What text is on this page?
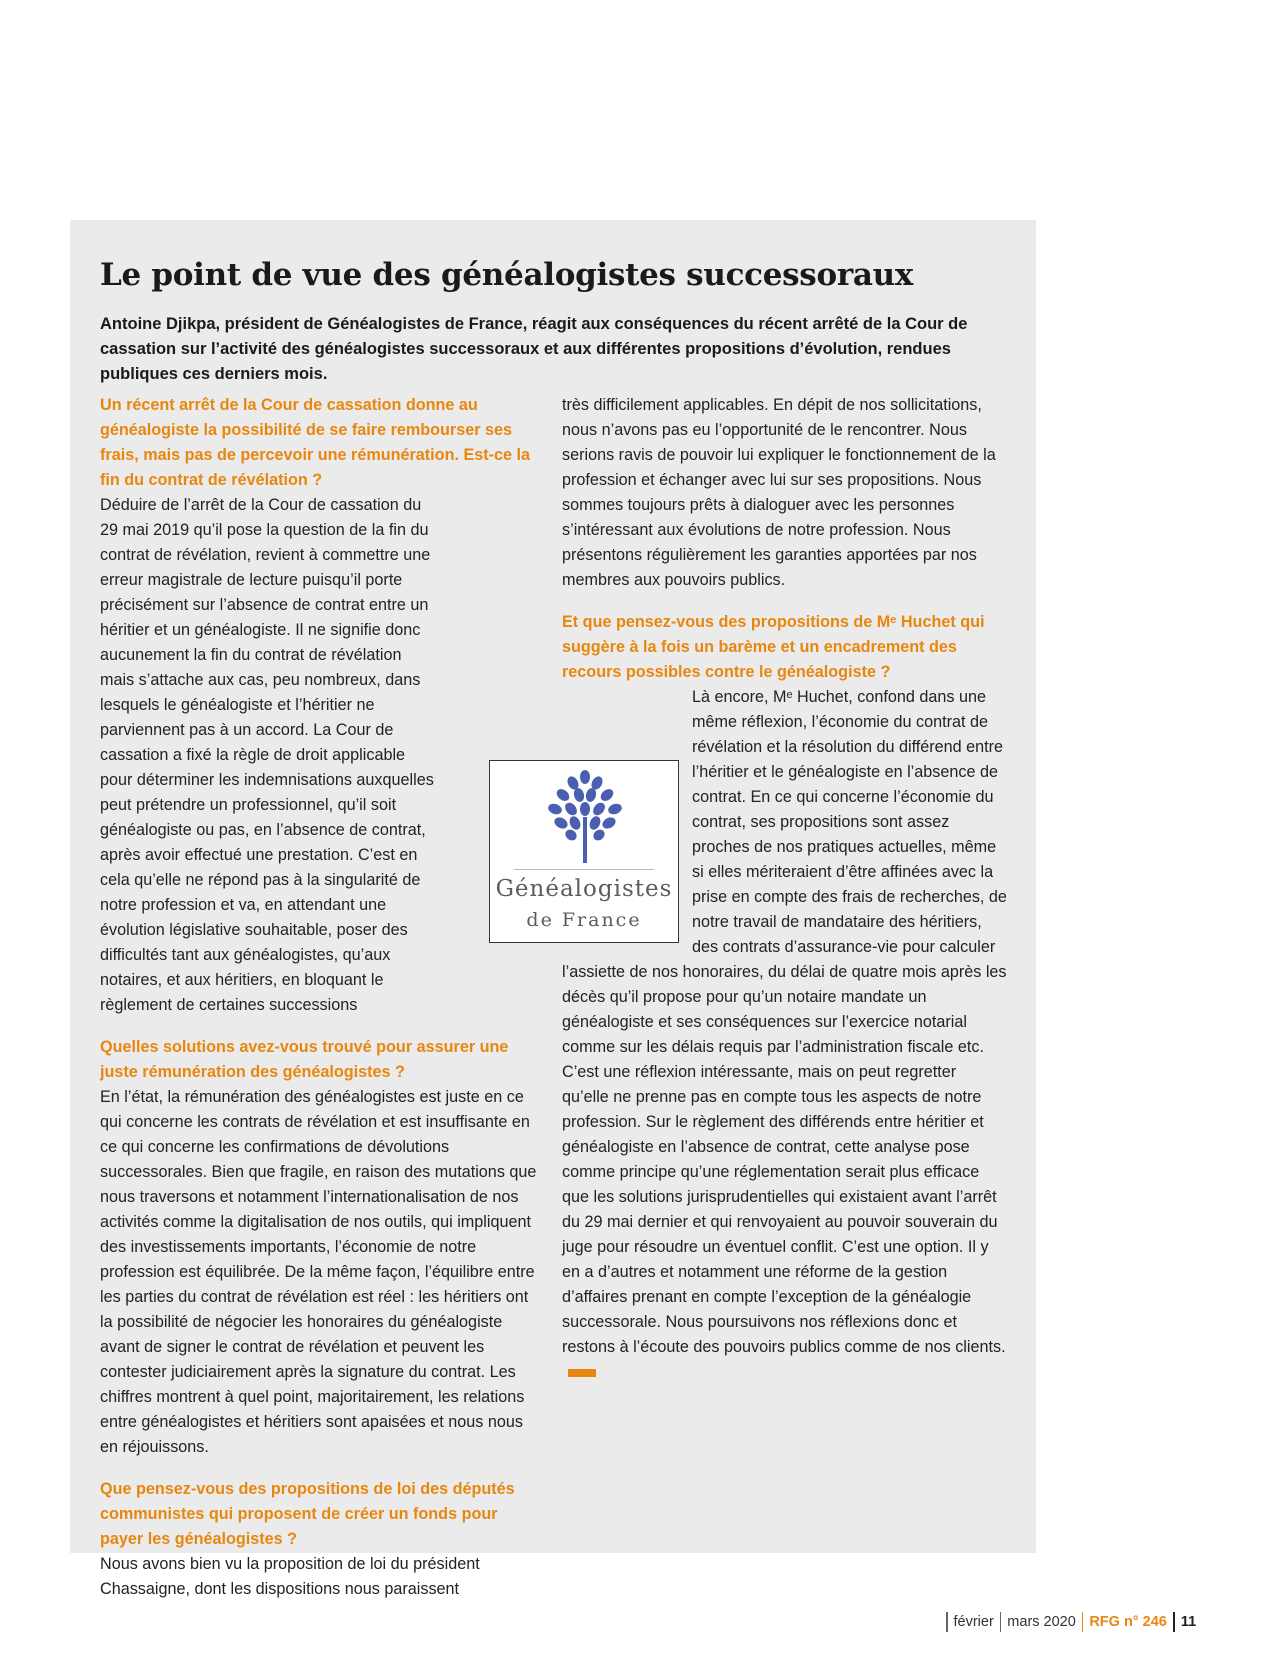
Le point de vue des généalogistes successoraux

Antoine Djikpa, président de Généalogistes de France, réagit aux conséquences du récent arrêté de la Cour de cassation sur l’activité des généalogistes successoraux et aux différentes propositions d’évolution, rendues publiques ces derniers mois.

Un récent arrêt de la Cour de cassation donne au généalogiste la possibilité de se faire rembourser ses frais, mais pas de percevoir une rémunération. Est-ce la fin du contrat de révélation ?

Déduire de l’arrêt de la Cour de cassation du 29 mai 2019 qu’il pose la question de la fin du contrat de révélation, revient à commettre une erreur magistrale de lecture puisqu’il porte précisément sur l’absence de contrat entre un héritier et un généalogiste. Il ne signifie donc aucunement la fin du contrat de révélation mais s’attache aux cas, peu nombreux, dans lesquels le généalogiste et l’héritier ne parviennent pas à un accord. La Cour de cassation a fixé la règle de droit applicable pour déterminer les indemnisations auxquelles peut prétendre un professionnel, qu’il soit généalogiste ou pas, en l’absence de contrat, après avoir effectué une prestation. C’est en cela qu’elle ne répond pas à la singularité de notre profession et va, en attendant une évolution législative souhaitable, poser des difficultés tant aux généalogistes, qu’aux notaires, et aux héritiers, en bloquant le règlement de certaines successions

Quelles solutions avez-vous trouvé pour assurer une juste rémunération des généalogistes ?

En l’état, la rémunération des généalogistes est juste en ce qui concerne les contrats de révélation et est insuffisante en ce qui concerne les confirmations de dévolutions successorales. Bien que fragile, en raison des mutations que nous traversons et notamment l’internationalisation de nos activités comme la digitalisation de nos outils, qui impliquent des investissements importants, l’économie de notre profession est équilibrée. De la même façon, l’équilibre entre les parties du contrat de révélation est réel : les héritiers ont la possibilité de négocier les honoraires du généalogiste avant de signer le contrat de révélation et peuvent les contester judiciairement après la signature du contrat. Les chiffres montrent à quel point, majoritairement, les relations entre généalogistes et héritiers sont apaisées et nous nous en réjouissons.

Que pensez-vous des propositions de loi des députés communistes qui proposent de créer un fonds pour payer les généalogistes ?

Nous avons bien vu la proposition de loi du président Chassaigne, dont les dispositions nous paraissent

très difficilement applicables. En dépit de nos sollicitations, nous n’avons pas eu l’opportunité de le rencontrer. Nous serions ravis de pouvoir lui expliquer le fonctionnement de la profession et échanger avec lui sur ses propositions. Nous sommes toujours prêts à dialoguer avec les personnes s’intéressant aux évolutions de notre profession. Nous présentons régulièrement les garanties apportées par nos membres aux pouvoirs publics.

Et que pensez-vous des propositions de Mᵉ Huchet qui suggère à la fois un barème et un encadrement des recours possibles contre le généalogiste ?

Là encore, Mᵉ Huchet, confond dans une même réflexion, l’économie du contrat de révélation et la résolution du différend entre l’héritier et le généalogiste en l’absence de contrat. En ce qui concerne l’économie du contrat, ses propositions sont assez proches de nos pratiques actuelles, même si elles mériteraient d’être affinées avec la prise en compte des frais de recherches, de notre travail de mandataire des héritiers, des contrats d’assurance-vie pour calculer l’assiette de nos honoraires, du délai de quatre mois après les décès qu’il propose pour qu’un notaire mandate un généalogiste et ses conséquences sur l’exercice notarial comme sur les délais requis par l’administration fiscale etc. C’est une réflexion intéressante, mais on peut regretter qu’elle ne prenne pas en compte tous les aspects de notre profession. Sur le règlement des différends entre héritier et généalogiste en l’absence de contrat, cette analyse pose comme principe qu’une réglementation serait plus efficace que les solutions jurisprudentielles qui existaient avant l’arrêt du 29 mai dernier et qui renvoyaient au pouvoir souverain du juge pour résoudre un éventuel conflit. C’est une option. Il y en a d’autres et notamment une réforme de la gestion d’affaires prenant en compte l’exception de la généalogie successorale. Nous poursuivons nos réflexions donc et restons à l’écoute des pouvoirs publics comme de nos clients.

Généalogistes
de France
février mars 2020 RFG n° 246 11
